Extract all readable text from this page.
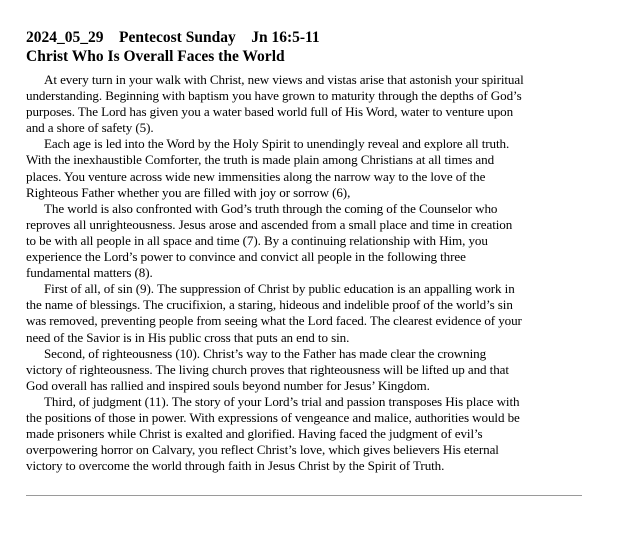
2024_05_29 Pentecost Sunday Jn 16:5-11
Christ Who Is Overall Faces the World

At every turn in your walk with Christ, new views and vistas arise that astonish your spiritual
understanding. Beginning with baptism you have grown to maturity through the depths of God’s
purposes. The Lord has given you a water based world full of His Word, water to venture upon
and a shore of safety (5).

Each age is led into the Word by the Holy Spirit to unendingly reveal and explore all truth.
With the inexhaustible Comforter, the truth is made plain among Christians at all times and
places. You venture across wide new immensities along the narrow way to the love of the
Righteous Father whether you are filled with joy or sorrow (6),

The world is also confronted with God’s truth through the coming of the Counselor who
reproves all unrighteousness. Jesus arose and ascended from a small place and time in creation
to be with all people in all space and time (7). By a continuing relationship with Him, you
experience the Lord’s power to convince and convict all people in the following three
fundamental matters (8).

First of all, of sin (9). The suppression of Christ by public education is an appalling work in
the name of blessings. The crucifixion, a staring, hideous and indelible proof of the world’s sin
was removed, preventing people from seeing what the Lord faced. The clearest evidence of your
need of the Savior is in His public cross that puts an end to sin.

Second, of righteousness (10). Christ’s way to the Father has made clear the crowning
victory of righteousness. The living church proves that righteousness will be lifted up and that
God overall has rallied and inspired souls beyond number for Jesus’ Kingdom.

Third, of judgment (11). The story of your Lord’s trial and passion transposes His place with
the positions of those in power. With expressions of vengeance and malice, authorities would be
made prisoners while Christ is exalted and glorified. Having faced the judgment of evil’s
overpowering horror on Calvary, you reflect Christ’s love, which gives believers His eternal
victory to overcome the world through faith in Jesus Christ by the Spirit of Truth.
